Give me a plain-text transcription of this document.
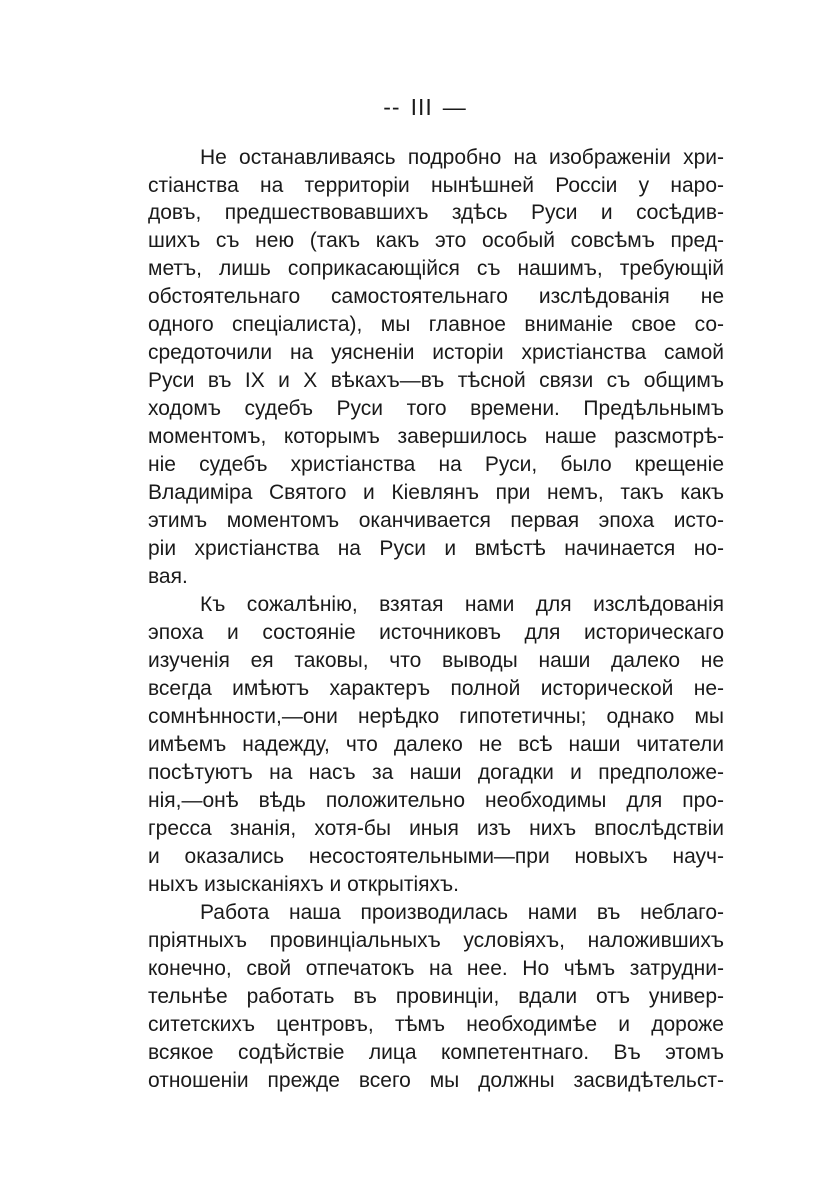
-- III —
Не останавливаясь подробно на изображеніи хри-
стіанства на территоріи нынѣшней Россіи у наро-
довъ, предшествовавшихъ здѣсь Руси и сосѣдив-
шихъ съ нею (такъ какъ это особый совсѣмъ пред-
метъ, лишь соприкасающійся съ нашимъ, требующій
обстоятельнаго самостоятельнаго изслѣдованія не
одного спеціалиста), мы главное вниманіе свое со-
средоточили на уясненіи исторіи христіанства самой
Руси въ IX и X вѣкахъ—въ тѣсной связи съ общимъ
ходомъ судебъ Руси того времени. Предѣльнымъ
моментомъ, которымъ завершилось наше разсмотрѣ-
ніе судебъ христіанства на Руси, было крещеніе
Владиміра Святого и Кіевлянъ при немъ, такъ какъ
этимъ моментомъ оканчивается первая эпоха исто-
ріи христіанства на Руси и вмѣстѣ начинается но-
вая.
Къ сожалѣнію, взятая нами для изслѣдованія
эпоха и состояніе источниковъ для историческаго
изученія ея таковы, что выводы наши далеко не
всегда имѣютъ характеръ полной исторической не-
сомнѣнности,—они нерѣдко гипотетичны; однако мы
имѣемъ надежду, что далеко не всѣ наши читатели
посѣтуютъ на насъ за наши догадки и предположе-
нія,—онѣ вѣдь положительно необходимы для про-
гресса знанія, хотя-бы иныя изъ нихъ впослѣдствіи
и оказались несостоятельными—при новыхъ науч-
ныхъ изысканіяхъ и открытіяхъ.
Работа наша производилась нами въ неблаго-
пріятныхъ провинціальныхъ условіяхъ, наложившихъ
конечно, свой отпечатокъ на нее. Но чѣмъ затрудни-
тельнѣе работать въ провинціи, вдали отъ универ-
ситетскихъ центровъ, тѣмъ необходимѣе и дороже
всякое содѣйствіе лица компетентнаго. Въ этомъ
отношеніи прежде всего мы должны засвидѣтельст-
